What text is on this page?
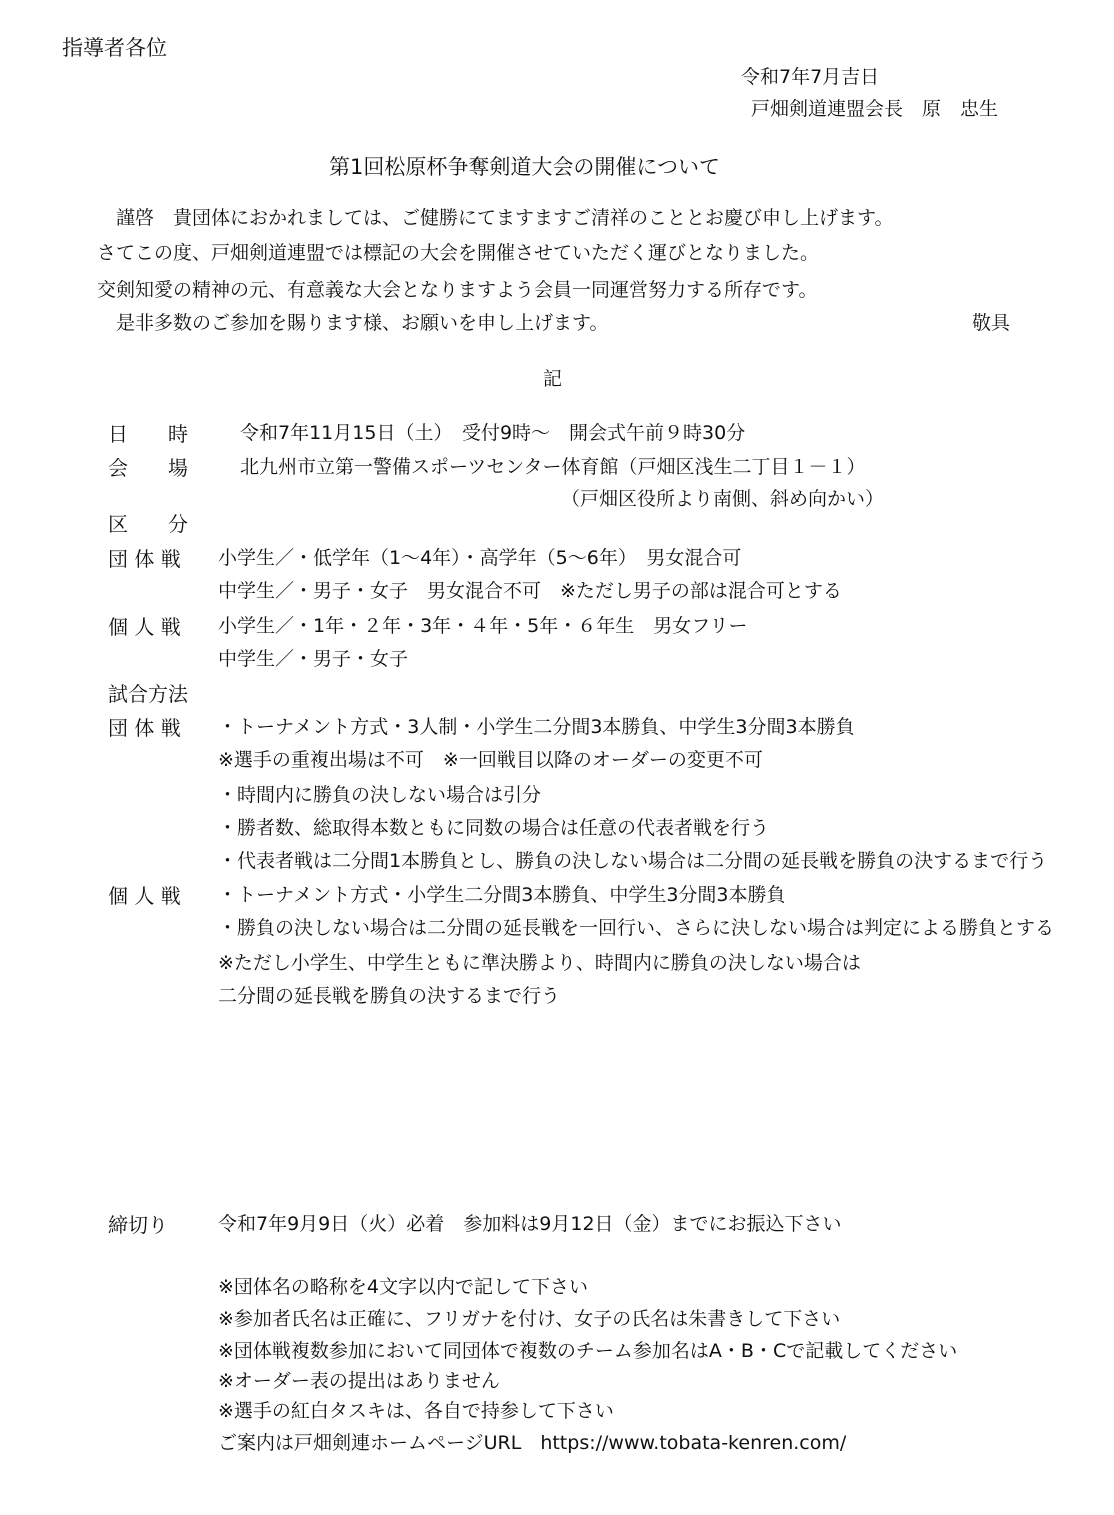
指導者各位
令和7年7月吉日
戸畑剣道連盟会長　原　忠生
第1回松原杯争奪剣道大会の開催について
謹啓　貴団体におかれましては、ご健勝にてますますご清祥のこととお慶び申し上げます。
さてこの度、戸畑剣道連盟では標記の大会を開催させていただく運びとなりました。
交剣知愛の精神の元、有意義な大会となりますよう会員一同運営努力する所存です。
是非多数のご参加を賜ります様、お願いを申し上げます。	敬具
記
日　　時	令和7年11月15日（土）　受付9時～　開会式午前９時30分
会　　場	北九州市立第一警備スポーツセンター体育館（戸畑区浅生二丁目１－１）
（戸畑区役所より南側、斜め向かい）
区　　分
団 体 戦 小学生／・低学年（1～4年）・高学年（5～6年）　男女混合可
中学生／・男子・女子　男女混合不可　※ただし男子の部は混合可とする
個 人 戦 小学生／・1年・２年・3年・４年・5年・６年生　男女フリー
中学生／・男子・女子
試合方法
団 体 戦 ・トーナメント方式・3人制・小学生二分間3本勝負、中学生3分間3本勝負
※選手の重複出場は不可　※一回戦目以降のオーダーの変更不可
・時間内に勝負の決しない場合は引分
・勝者数、総取得本数ともに同数の場合は任意の代表者戦を行う
・代表者戦は二分間1本勝負とし、勝負の決しない場合は二分間の延長戦を勝負の決するまで行う
個 人 戦 ・トーナメント方式・小学生二分間3本勝負、中学生3分間3本勝負
・勝負の決しない場合は二分間の延長戦を一回行い、さらに決しない場合は判定による勝負とする
※ただし小学生、中学生ともに準決勝より、時間内に勝負の決しない場合は
二分間の延長戦を勝負の決するまで行う
締切り	令和7年9月9日（火）必着　参加料は9月12日（金）までにお振込下さい
※団体名の略称を4文字以内で記して下さい
※参加者氏名は正確に、フリガナを付け、女子の氏名は朱書きして下さい
※団体戦複数参加において同団体で複数のチーム参加名はA・B・Cで記載してください
※オーダー表の提出はありません
※選手の紅白タスキは、各自で持参して下さい
ご案内は戸畑剣連ホームページURL　https://www.tobata-kenren.com/
